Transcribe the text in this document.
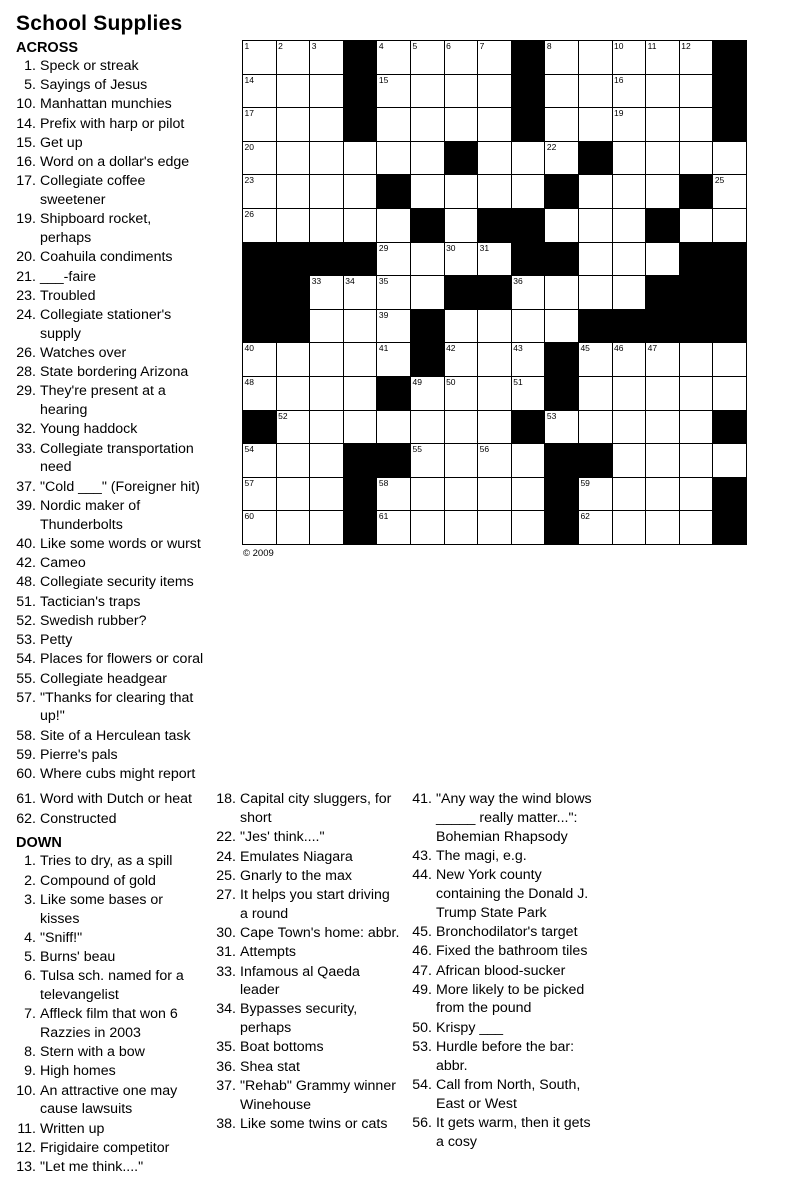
School Supplies
ACROSS
1. Speck or streak
5. Sayings of Jesus
10. Manhattan munchies
14. Prefix with harp or pilot
15. Get up
16. Word on a dollar's edge
17. Collegiate coffee sweetener
19. Shipboard rocket, perhaps
20. Coahuila condiments
21. ___-faire
23. Troubled
24. Collegiate stationer's supply
26. Watches over
28. State bordering Arizona
29. They're present at a hearing
32. Young haddock
33. Collegiate transportation need
37. "Cold ___" (Foreigner hit)
39. Nordic maker of Thunderbolts
40. Like some words or wurst
42. Cameo
48. Collegiate security items
51. Tactician's traps
52. Swedish rubber?
53. Petty
54. Places for flowers or coral
55. Collegiate headgear
57. "Thanks for clearing that up!"
58. Site of a Herculean task
59. Pierre's pals
60. Where cubs might report
1	2	3	4	5	6	7	8	10	11	12
14	15	16
17	19
20	22
23	25
26
29	30	31
33	34	35	36
39
40	41	42	43	45	46	47
48	49	50	51
52	53
54	55	56
57	58	59
60	61	62
© 2009
61. Word with Dutch or heat
62. Constructed
DOWN
1. Tries to dry, as a spill
2. Compound of gold
3. Like some bases or kisses
4. "Sniff!"
5. Burns' beau
6. Tulsa sch. named for a televangelist
7. Affleck film that won 6 Razzies in 2003
8. Stern with a bow
9. High homes
10. An attractive one may cause lawsuits
11. Written up
12. Frigidaire competitor
13. "Let me think...."
18. Capital city sluggers, for short
22. "Jes' think...."
24. Emulates Niagara
25. Gnarly to the max
27. It helps you start driving a round
30. Cape Town's home: abbr.
31. Attempts
33. Infamous al Qaeda leader
34. Bypasses security, perhaps
35. Boat bottoms
36. Shea stat
37. "Rehab" Grammy winner Winehouse
38. Like some twins or cats
41. "Any way the wind blows _____ really matter...": Bohemian Rhapsody
43. The magi, e.g.
44. New York county containing the Donald J. Trump State Park
45. Bronchodilator's target
46. Fixed the bathroom tiles
47. African blood-sucker
49. More likely to be picked from the pound
50. Krispy ___
53. Hurdle before the bar: abbr.
54. Call from North, South, East or West
56. It gets warm, then it gets a cosy
